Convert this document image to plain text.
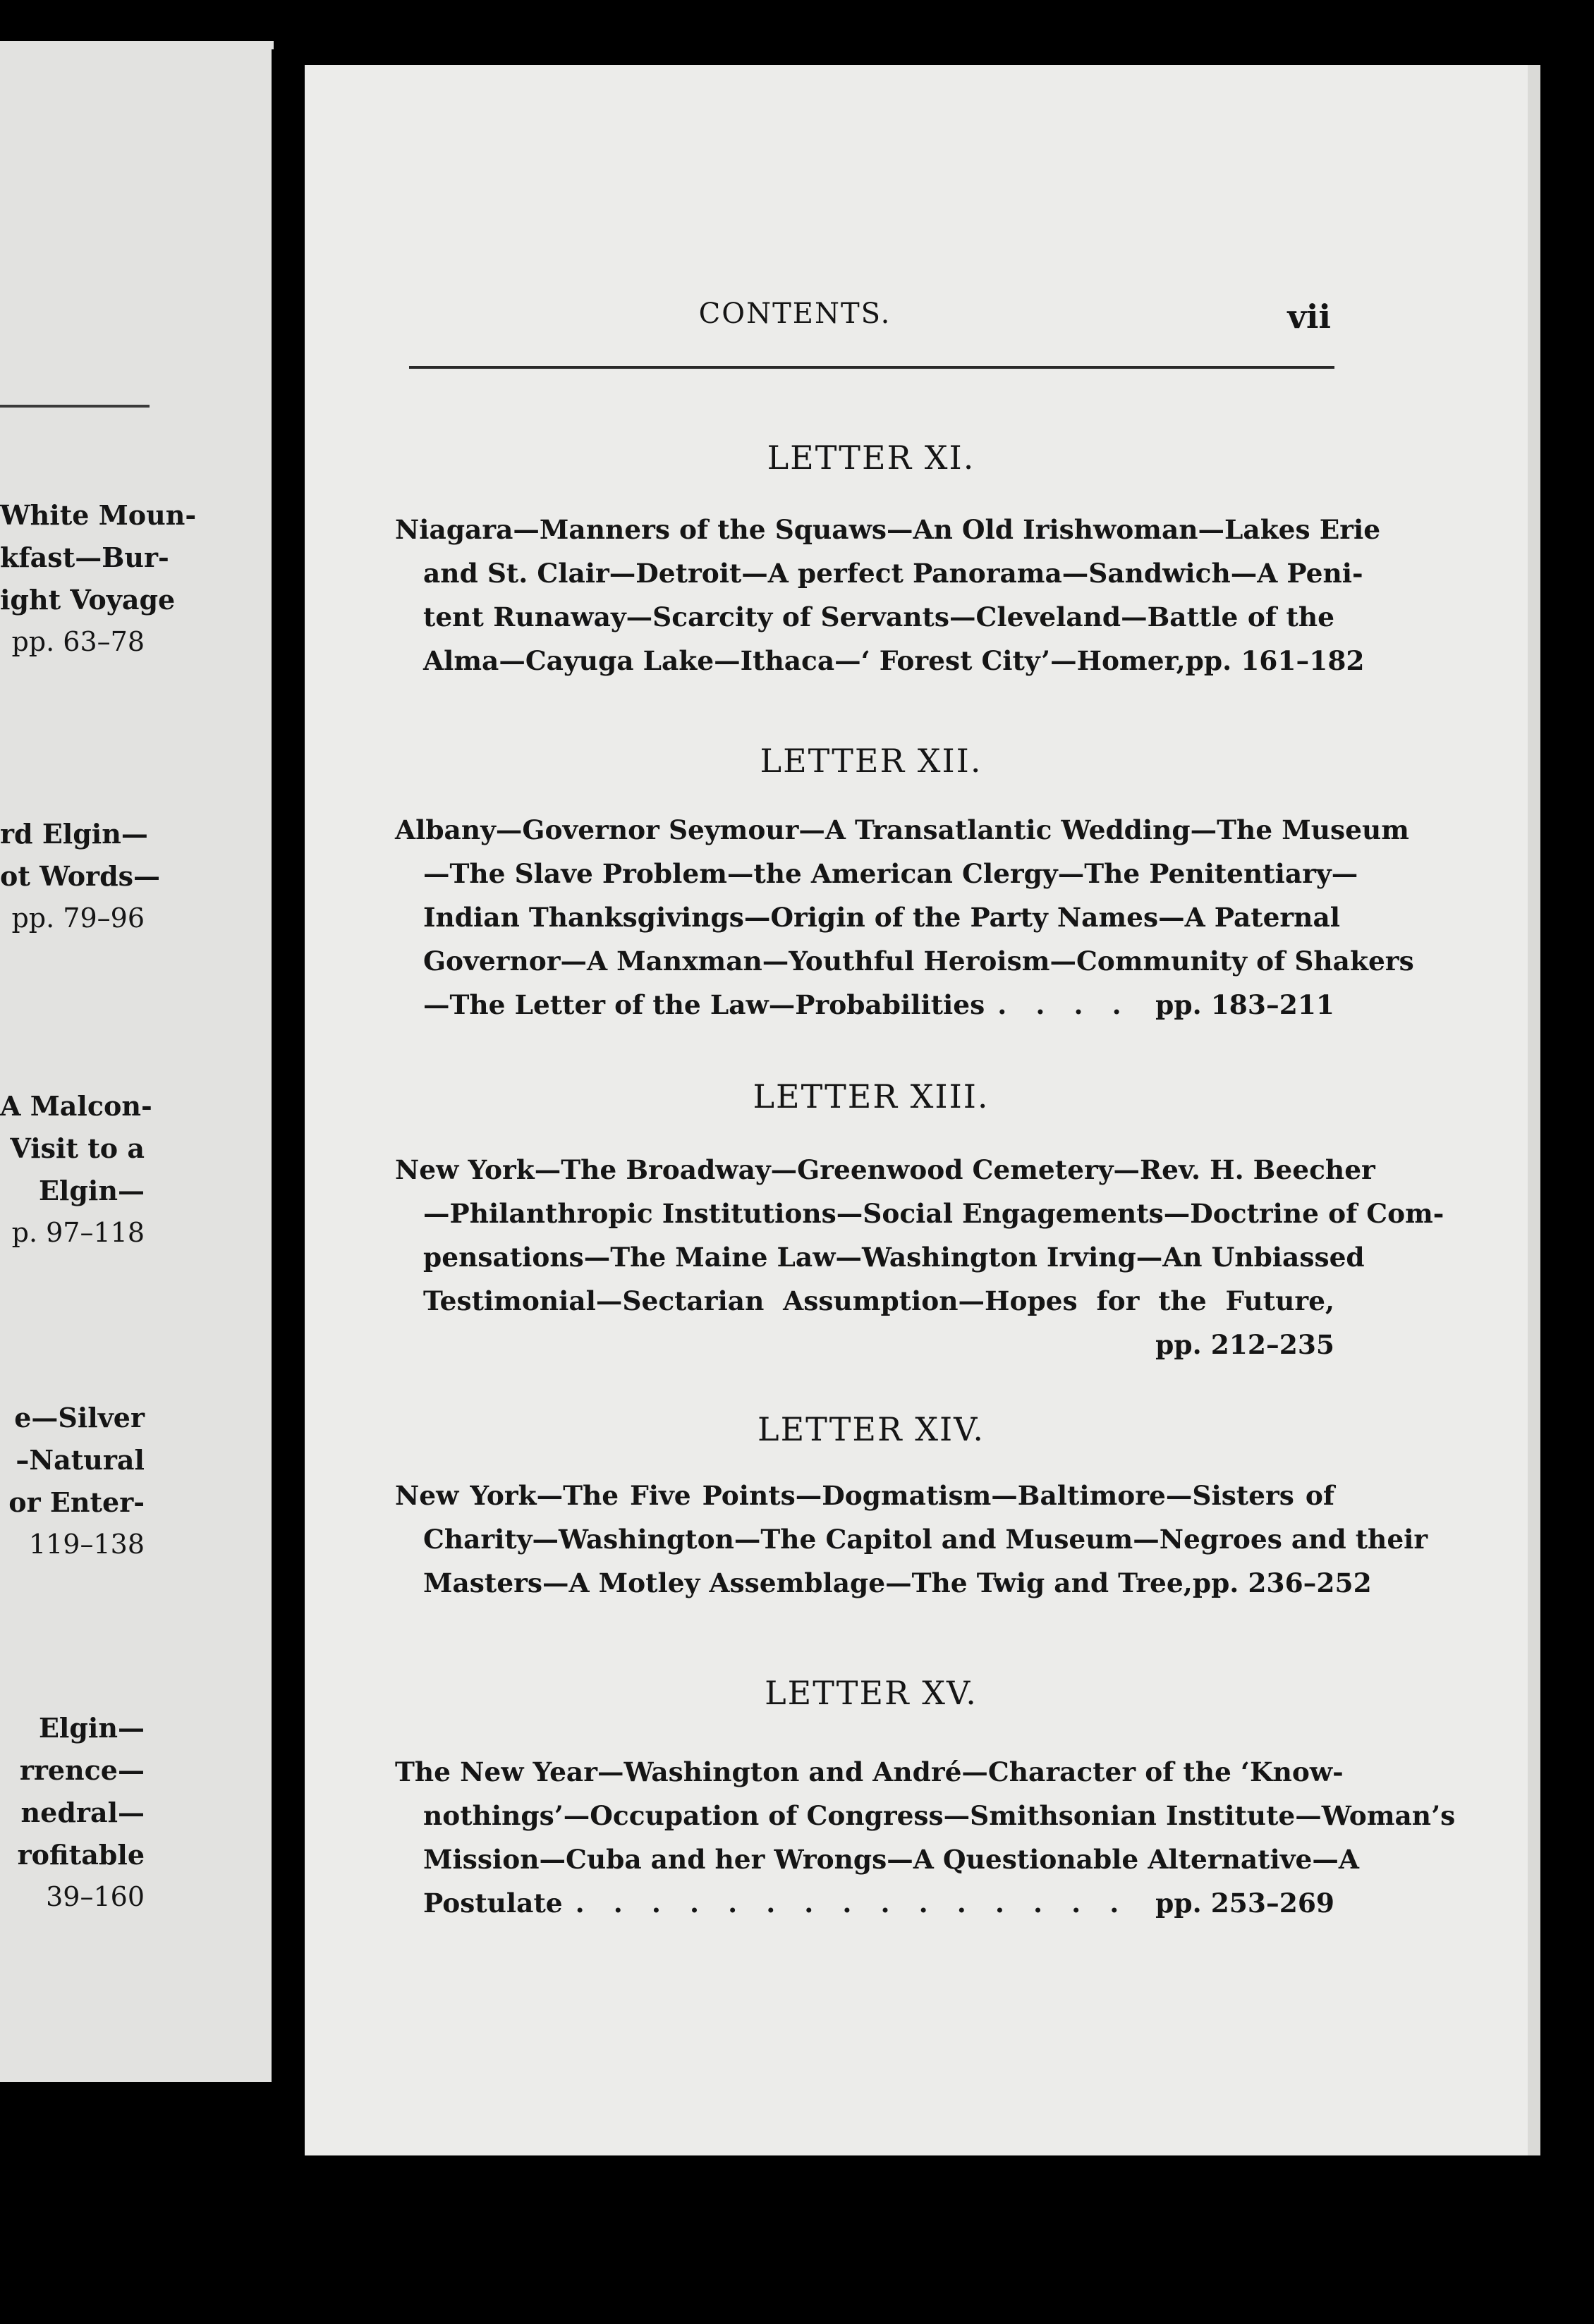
White Moun-
kfast—Bur-
ight Voyage
pp. 63–78
rd Elgin—
ot Words—
pp. 79–96
A Malcon-
Visit to a
Elgin—
p. 97–118
e—Silver
–Natural
or Enter-
119–138
Elgin—
rrence—
nedral—
rofitable
39–160
CONTENTS.	vii
LETTER XI.
Niagara—Manners of the Squaws—An Old Irishwoman—Lakes Erie
and St. Clair—Detroit—A perfect Panorama—Sandwich—A Peni-
tent Runaway—Scarcity of Servants—Cleveland—Battle of the
Alma—Cayuga Lake—Ithaca—‘ Forest City’—Homer, pp. 161–182
LETTER XII.
Albany—Governor Seymour—A Transatlantic Wedding—The Museum
—The Slave Problem—the American Clergy—The Penitentiary—
Indian Thanksgivings—Origin of the Party Names—A Paternal
Governor—A Manxman—Youthful Heroism—Community of Shakers
—The Letter of the Law—Probabilities . . . . pp. 183–211
LETTER XIII.
New York—The Broadway—Greenwood Cemetery—Rev. H. Beecher
—Philanthropic Institutions—Social Engagements—Doctrine of Com-
pensations—The Maine Law—Washington Irving—An Unbiassed
Testimonial—Sectarian Assumption—Hopes for the Future,
pp. 212–235
LETTER XIV.
New York—The Five Points—Dogmatism—Baltimore—Sisters of
Charity—Washington—The Capitol and Museum—Negroes and their
Masters—A Motley Assemblage—The Twig and Tree, pp. 236–252
LETTER XV.
The New Year—Washington and André—Character of the ‘Know-
nothings’—Occupation of Congress—Smithsonian Institute—Woman’s
Mission—Cuba and her Wrongs—A Questionable Alternative—A
Postulate . . . . . . . . . . . . . . .	pp. 253–269
